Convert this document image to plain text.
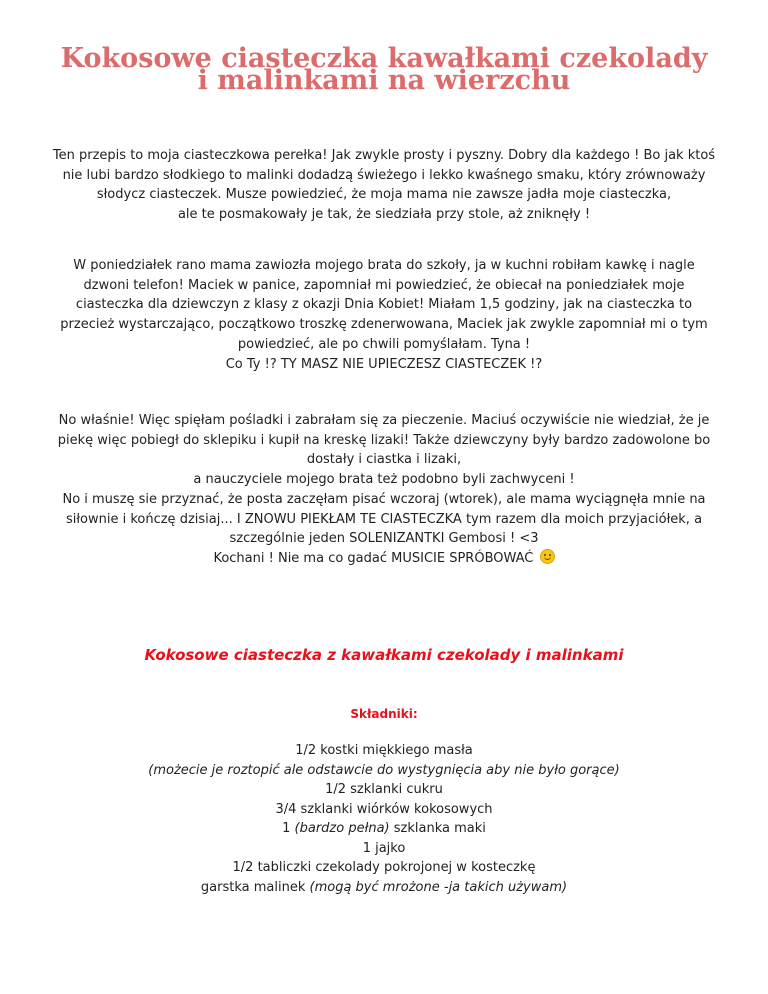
Kokosowe ciasteczka kawałkami czekolady
i malinkami na wierzchu
Ten przepis to moja ciasteczkowa perełka! Jak zwykle prosty i pyszny. Dobry dla każdego ! Bo jak ktoś
nie lubi bardzo słodkiego to malinki dodadzą świeżego i lekko kwaśnego smaku, który zrównoważy
słodycz ciasteczek. Musze powiedzieć, że moja mama nie zawsze jadła moje ciasteczka,
ale te posmakowały je tak, że siedziała przy stole, aż zniknęły !
W poniedziałek rano mama zawiozła mojego brata do szkoły, ja w kuchni robiłam kawkę i nagle
dzwoni telefon! Maciek w panice, zapomniał mi powiedzieć, że obiecał na poniedziałek moje
ciasteczka dla dziewczyn z klasy z okazji Dnia Kobiet! Miałam 1,5 godziny, jak na ciasteczka to
przecież wystarczająco, początkowo troszkę zdenerwowana, Maciek jak zwykle zapomniał mi o tym
powiedzieć, ale po chwili pomyślałam. Tyna !
Co Ty !? TY MASZ NIE UPIECZESZ CIASTECZEK !?
No właśnie! Więc spięłam pośladki i zabrałam się za pieczenie. Maciuś oczywiście nie wiedział, że je
piekę więc pobiegł do sklepiku i kupił na kreskę lizaki! Także dziewczyny były bardzo zadowolone bo
dostały i ciastka i lizaki,
a nauczyciele mojego brata też podobno byli zachwyceni !
No i muszę sie przyznać, że posta zaczęłam pisać wczoraj (wtorek), ale mama wyciągnęła mnie na
siłownie i kończę dzisiaj... I ZNOWU PIEKŁAM TE CIASTECZKA tym razem dla moich przyjaciółek, a
szczególnie jeden SOLENIZANTKI Gembosi ! <3
Kochani ! Nie ma co gadać MUSICIE SPRÓBOWAĆ
Kokosowe ciasteczka z kawałkami czekolady i malinkami
Składniki:
1/2 kostki miękkiego masła
(możecie je roztopić ale odstawcie do wystygnięcia aby nie było gorące)
1/2 szklanki cukru
3/4 szklanki wiórków kokosowych
1 (bardzo pełna) szklanka maki
1 jajko
1/2 tabliczki czekolady pokrojonej w kosteczkę
garstka malinek (mogą być mrożone -ja takich używam)
